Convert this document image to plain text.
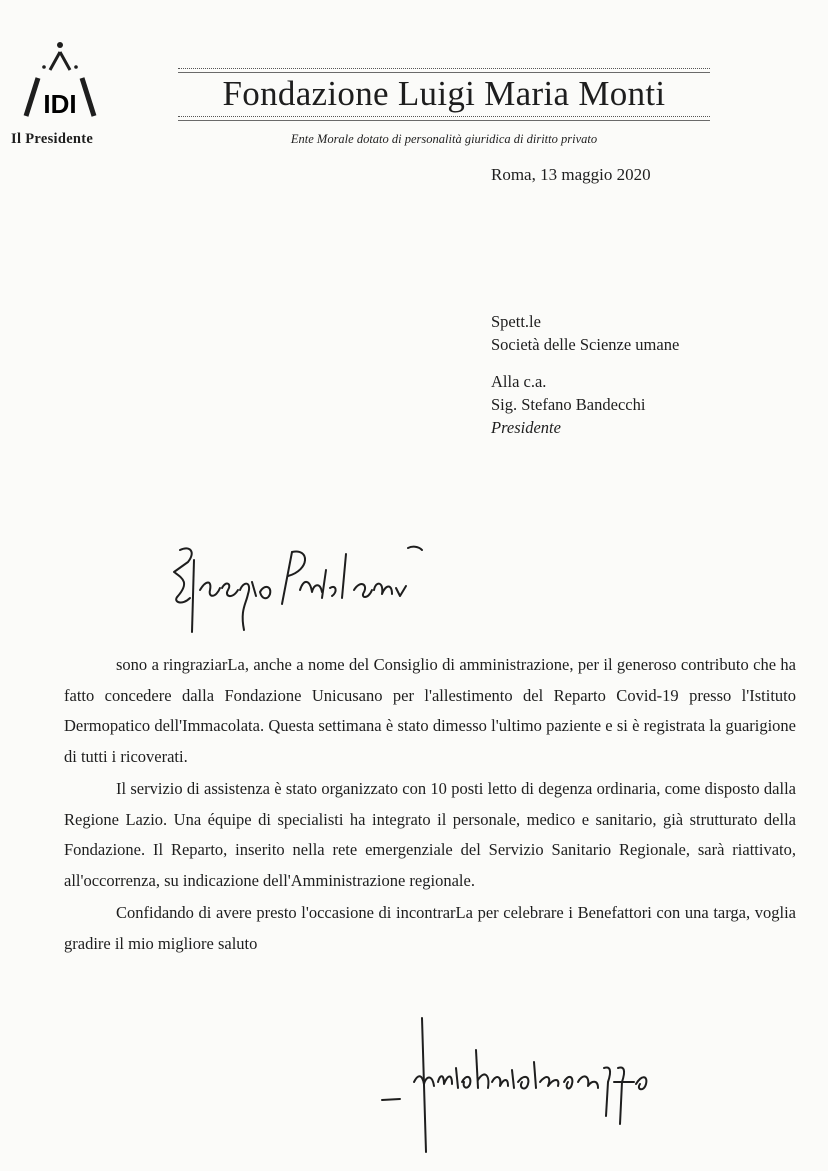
IDI
Il Presidente
Fondazione Luigi Maria Monti
Ente Morale dotato di personalità giuridica di diritto privato
Roma, 13 maggio 2020
Spett.le
Società delle Scienze umane
Alla c.a.
Sig. Stefano Bandecchi
Presidente

sono a ringraziarLa, anche a nome del Consiglio di amministrazione, per il generoso contributo che ha fatto concedere dalla Fondazione Unicusano per l'allestimento del Reparto Covid-19 presso l'Istituto Dermopatico dell'Immacolata. Questa settimana è stato dimesso l'ultimo paziente e si è registrata la guarigione di tutti i ricoverati.

Il servizio di assistenza è stato organizzato con 10 posti letto di degenza ordinaria, come disposto dalla Regione Lazio. Una équipe di specialisti ha integrato il personale, medico e sanitario, già strutturato della Fondazione. Il Reparto, inserito nella rete emergenziale del Servizio Sanitario Regionale, sarà riattivato, all'occorrenza, su indicazione dell'Amministrazione regionale.

Confidando di avere presto l'occasione di incontrarLa per celebrare i Benefattori con una targa, voglia gradire il mio migliore saluto
